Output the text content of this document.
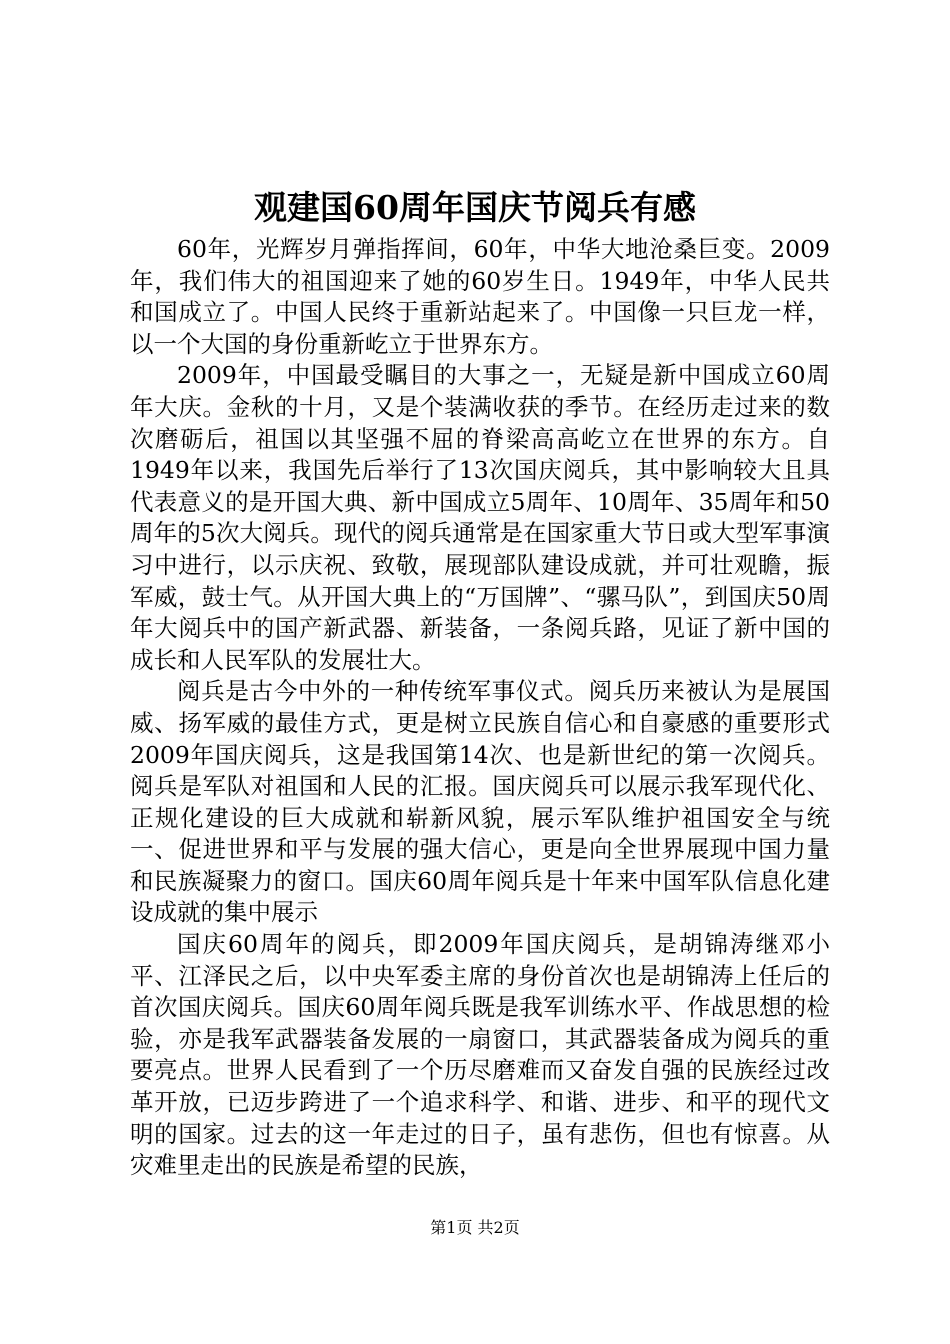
观建国60周年国庆节阅兵有感

60年，光辉岁月弹指挥间，60年，中华大地沧桑巨变。2009年，我们伟大的祖国迎来了她的60岁生日。1949年，中华人民共和国成立了。中国人民终于重新站起来了。中国像一只巨龙一样，以一个大国的身份重新屹立于世界东方。

2009年，中国最受瞩目的大事之一，无疑是新中国成立60周年大庆。金秋的十月，又是个装满收获的季节。在经历走过来的数次磨砺后，祖国以其坚强不屈的脊梁高高屹立在世界的东方。自1949年以来，我国先后举行了13次国庆阅兵，其中影响较大且具代表意义的是开国大典、新中国成立5周年、10周年、35周年和50周年的5次大阅兵。现代的阅兵通常是在国家重大节日或大型军事演习中进行，以示庆祝、致敬，展现部队建设成就，并可壮观瞻，振军威，鼓士气。从开国大典上的“万国牌”、“骡马队”，到国庆50周年大阅兵中的国产新武器、新装备，一条阅兵路，见证了新中国的成长和人民军队的发展壮大。

阅兵是古今中外的一种传统军事仪式。阅兵历来被认为是展国威、扬军威的最佳方式，更是树立民族自信心和自豪感的重要形式2009年国庆阅兵，这是我国第14次、也是新世纪的第一次阅兵。阅兵是军队对祖国和人民的汇报。国庆阅兵可以展示我军现代化、正规化建设的巨大成就和崭新风貌，展示军队维护祖国安全与统一、促进世界和平与发展的强大信心，更是向全世界展现中国力量和民族凝聚力的窗口。国庆60周年阅兵是十年来中国军队信息化建设成就的集中展示

国庆60周年的阅兵，即2009年国庆阅兵，是胡锦涛继邓小平、江泽民之后，以中央军委主席的身份首次也是胡锦涛上任后的首次国庆阅兵。国庆60周年阅兵既是我军训练水平、作战思想的检验，亦是我军武器装备发展的一扇窗口，其武器装备成为阅兵的重要亮点。世界人民看到了一个历尽磨难而又奋发自强的民族经过改革开放，已迈步跨进了一个追求科学、和谐、进步、和平的现代文明的国家。过去的这一年走过的日子，虽有悲伤，但也有惊喜。从灾难里走出的民族是希望的民族，

第1页 共2页
